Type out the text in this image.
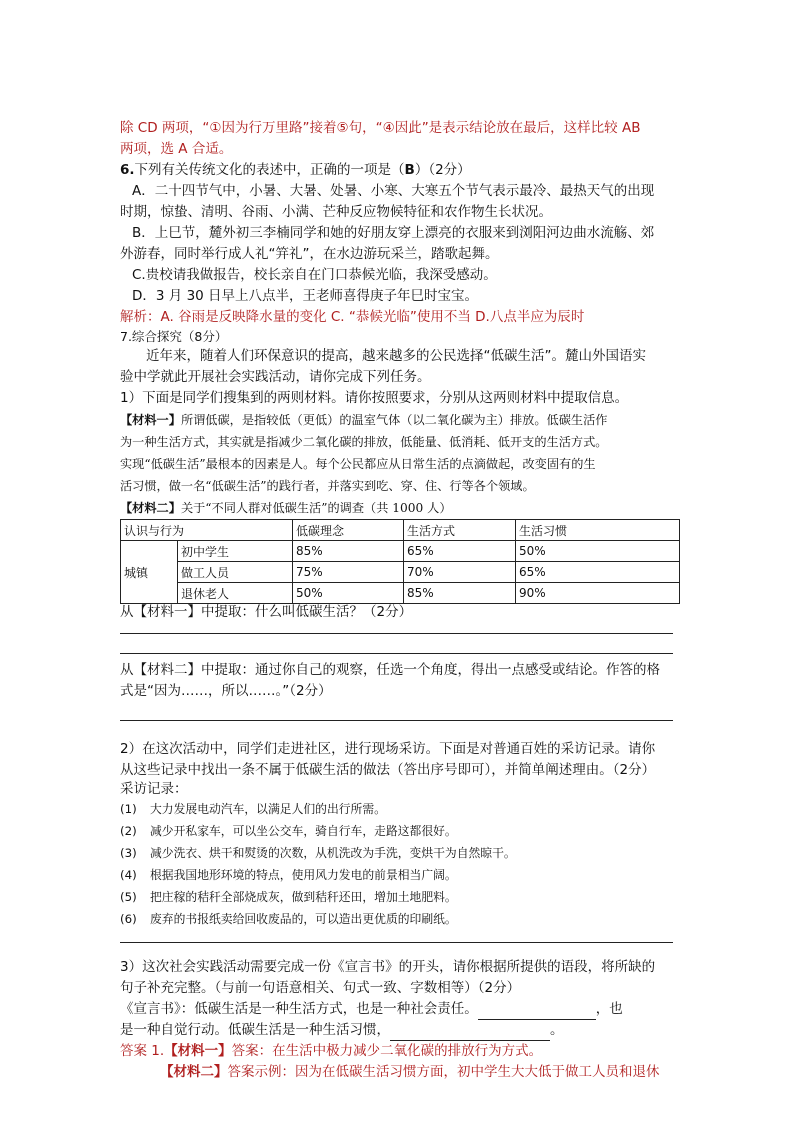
除 CD 两项，“①因为行万里路”接着⑤句，“④因此”是表示结论放在最后，这样比较 AB

两项，选 A 合适。

6.下列有关传统文化的表述中，正确的一项是（B）（2分）

A．二十四节气中，小暑、大暑、处暑、小寒、大寒五个节气表示最冷、最热天气的出现

时期，惊蛰、清明、谷雨、小满、芒种反应物候特征和农作物生长状况。

B．上巳节，麓外初三李楠同学和她的好朋友穿上漂亮的衣服来到浏阳河边曲水流觞、郊

外游春，同时举行成人礼“笄礼”，在水边游玩采兰，踏歌起舞。

C.贵校请我做报告，校长亲自在门口恭候光临，我深受感动。

D．3 月 30 日早上八点半，王老师喜得庚子年巳时宝宝。

解析：A. 谷雨是反映降水量的变化 C. “恭候光临”使用不当 D.八点半应为辰时

7.综合探究（8分）

近年来，随着人们环保意识的提高，越来越多的公民选择“低碳生活”。麓山外国语实

验中学就此开展社会实践活动，请你完成下列任务。

1）下面是同学们搜集到的两则材料。请你按照要求，分别从这两则材料中提取信息。

【材料一】所谓低碳，是指较低（更低）的温室气体（以二氧化碳为主）排放。低碳生活作

为一种生活方式，其实就是指减少二氧化碳的排放，低能量、低消耗、低开支的生活方式。

实现“低碳生活”最根本的因素是人。每个公民都应从日常生活的点滴做起，改变固有的生

活习惯，做一名“低碳生活”的践行者，并落实到吃、穿、住、行等各个领域。

【材料二】关于“不同人群对低碳生活”的调查（共 1000 人）

认识与行为		低碳理念	生活方式	生活习惯
城镇	初中学生	85%	65%	50%
	做工人员	75%	70%	65%
	退休老人	50%	85%	90%

从【材料一】中提取：什么叫低碳生活？（2分）

从【材料二】中提取：通过你自己的观察，任选一个角度，得出一点感受或结论。作答的格

式是“因为……，所以……。”（2分）

2）在这次活动中，同学们走进社区，进行现场采访。下面是对普通百姓的采访记录。请你

从这些记录中找出一条不属于低碳生活的做法（答出序号即可），并简单阐述理由。（2分）

采访记录：

(1) 大力发展电动汽车，以满足人们的出行所需。

(2) 减少开私家车，可以坐公交车，骑自行车，走路这都很好。

(3) 减少洗衣、烘干和熨烫的次数，从机洗改为手洗，变烘干为自然晾干。

(4) 根据我国地形环境的特点，使用风力发电的前景相当广阔。

(5) 把庄稼的秸秆全部烧成灰，做到秸秆还田，增加土地肥料。

(6) 废弃的书报纸卖给回收废品的，可以造出更优质的印刷纸。

3）这次社会实践活动需要完成一份《宣言书》的开头，请你根据所提供的语段，将所缺的

句子补充完整。（与前一句语意相关、句式一致、字数相等）（2分）

《宣言书》：低碳生活是一种生活方式，也是一种社会责任。	，也

是一种自觉行动。低碳生活是一种生活习惯，	。

答案 1.【材料一】答案：在生活中极力减少二氧化碳的排放行为方式。

【材料二】答案示例：因为在低碳生活习惯方面，初中学生大大低于做工人员和退休
